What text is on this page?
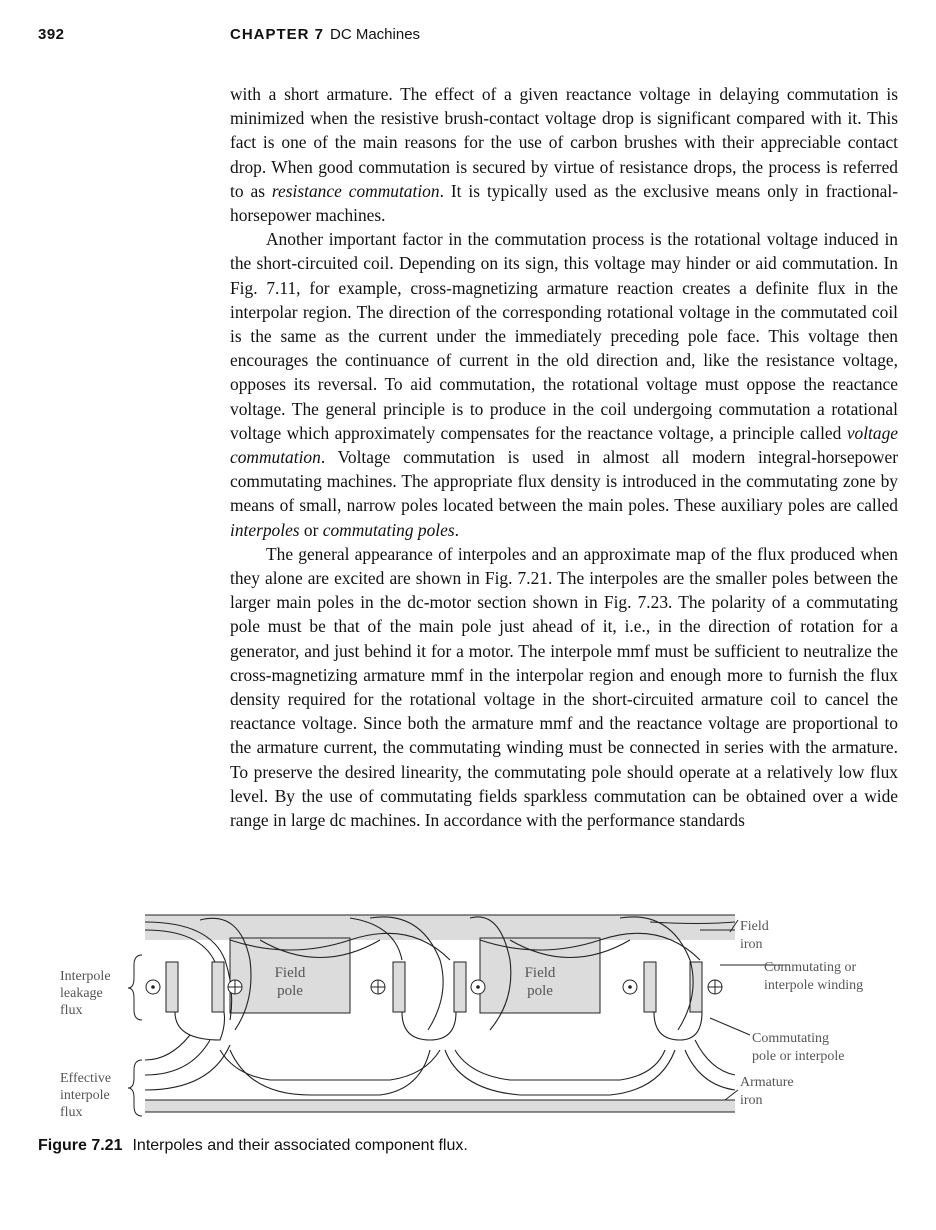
392	CHAPTER 7 DC Machines

with a short armature. The effect of a given reactance voltage in delaying commutation is minimized when the resistive brush-contact voltage drop is significant compared with it. This fact is one of the main reasons for the use of carbon brushes with their appreciable contact drop. When good commutation is secured by virtue of resistance drops, the process is referred to as resistance commutation. It is typically used as the exclusive means only in fractional-horsepower machines.

Another important factor in the commutation process is the rotational voltage induced in the short-circuited coil. Depending on its sign, this voltage may hinder or aid commutation. In Fig. 7.11, for example, cross-magnetizing armature reaction creates a definite flux in the interpolar region. The direction of the corresponding rotational voltage in the commutated coil is the same as the current under the immediately preceding pole face. This voltage then encourages the continuance of current in the old direction and, like the resistance voltage, opposes its reversal. To aid commutation, the rotational voltage must oppose the reactance voltage. The general principle is to produce in the coil undergoing commutation a rotational voltage which approximately compensates for the reactance voltage, a principle called voltage commutation. Voltage commutation is used in almost all modern integral-horsepower commutating machines. The appropriate flux density is introduced in the commutating zone by means of small, narrow poles located between the main poles. These auxiliary poles are called interpoles or commutating poles.

The general appearance of interpoles and an approximate map of the flux produced when they alone are excited are shown in Fig. 7.21. The interpoles are the smaller poles between the larger main poles in the dc-motor section shown in Fig. 7.23. The polarity of a commutating pole must be that of the main pole just ahead of it, i.e., in the direction of rotation for a generator, and just behind it for a motor. The interpole mmf must be sufficient to neutralize the cross-magnetizing armature mmf in the interpolar region and enough more to furnish the flux density required for the rotational voltage in the short-circuited armature coil to cancel the reactance voltage. Since both the armature mmf and the reactance voltage are proportional to the armature current, the commutating winding must be connected in series with the armature. To preserve the desired linearity, the commutating pole should operate at a relatively low flux level. By the use of commutating fields sparkless commutation can be obtained over a wide range in large dc machines. In accordance with the performance standards

Field
pole
Field
pole
Interpole
leakage
flux
Effective
interpole
flux
Field
iron
Commutating or
interpole winding
Commutating
pole or interpole
Armature
iron
Figure 7.21 Interpoles and their associated component flux.
